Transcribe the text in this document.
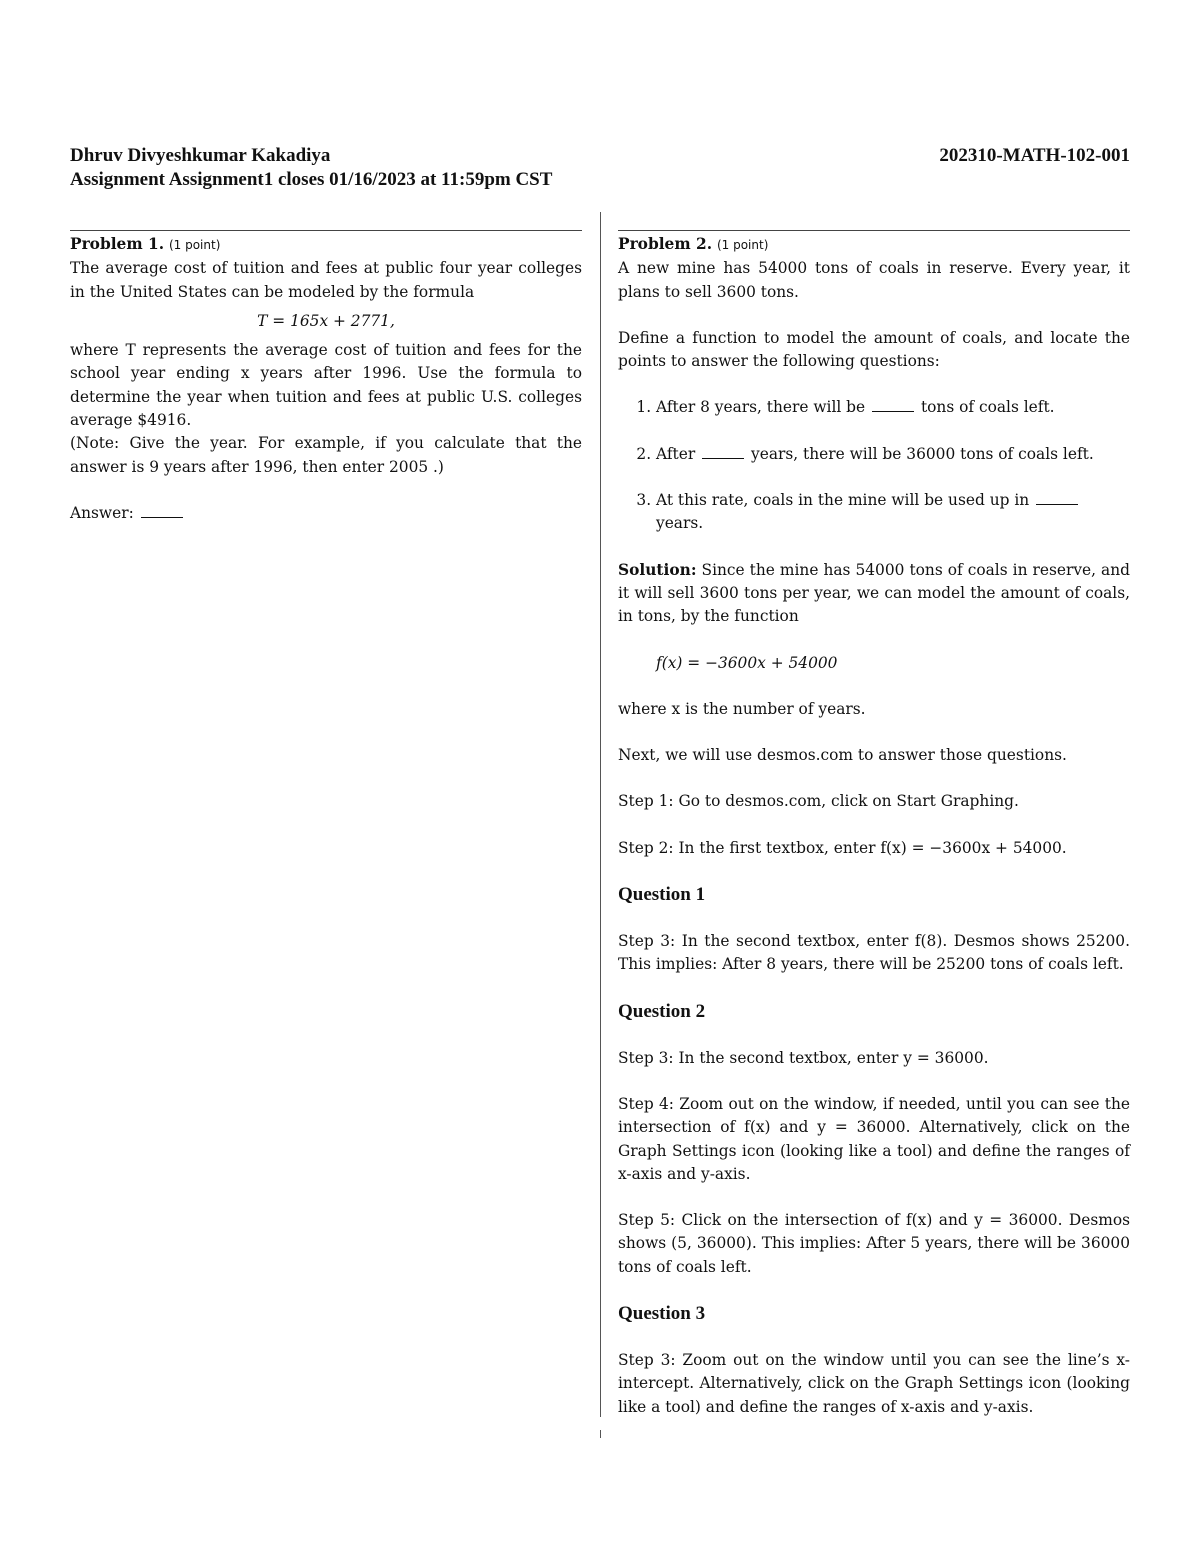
Dhruv Divyeshkumar Kakadiya	202310-MATH-102-001
Assignment Assignment1 closes 01/16/2023 at 11:59pm CST
Problem 1. (1 point)

The average cost of tuition and fees at public four year colleges in the United States can be modeled by the formula

T = 165x + 2771,

where T represents the average cost of tuition and fees for the school year ending x years after 1996. Use the formula to determine the year when tuition and fees at public U.S. colleges average $4916.

(Note: Give the year. For example, if you calculate that the answer is 9 years after 1996, then enter 2005 .)

Answer:

Problem 2. (1 point)

A new mine has 54000 tons of coals in reserve. Every year, it plans to sell 3600 tons.

Define a function to model the amount of coals, and locate the points to answer the following questions:

1. After 8 years, there will be	tons of coals left.
2. After	years, there will be 36000 tons of coals left.
3. At this rate, coals in the mine will be used up in  years.

Solution: Since the mine has 54000 tons of coals in reserve, and it will sell 3600 tons per year, we can model the amount of coals, in tons, by the function

f(x) = −3600x + 54000

where x is the number of years.

Next, we will use desmos.com to answer those questions.

Step 1: Go to desmos.com, click on Start Graphing.

Step 2: In the first textbox, enter f(x) = −3600x + 54000.

Question 1

Step 3: In the second textbox, enter f(8). Desmos shows 25200. This implies: After 8 years, there will be 25200 tons of coals left.

Question 2

Step 3: In the second textbox, enter y = 36000.

Step 4: Zoom out on the window, if needed, until you can see the intersection of f(x) and y = 36000. Alternatively, click on the Graph Settings icon (looking like a tool) and define the ranges of x-axis and y-axis.

Step 5: Click on the intersection of f(x) and y = 36000. Desmos shows (5, 36000). This implies: After 5 years, there will be 36000 tons of coals left.

Question 3

Step 3: Zoom out on the window until you can see the line’s x-intercept. Alternatively, click on the Graph Settings icon (looking like a tool) and define the ranges of x-axis and y-axis.
